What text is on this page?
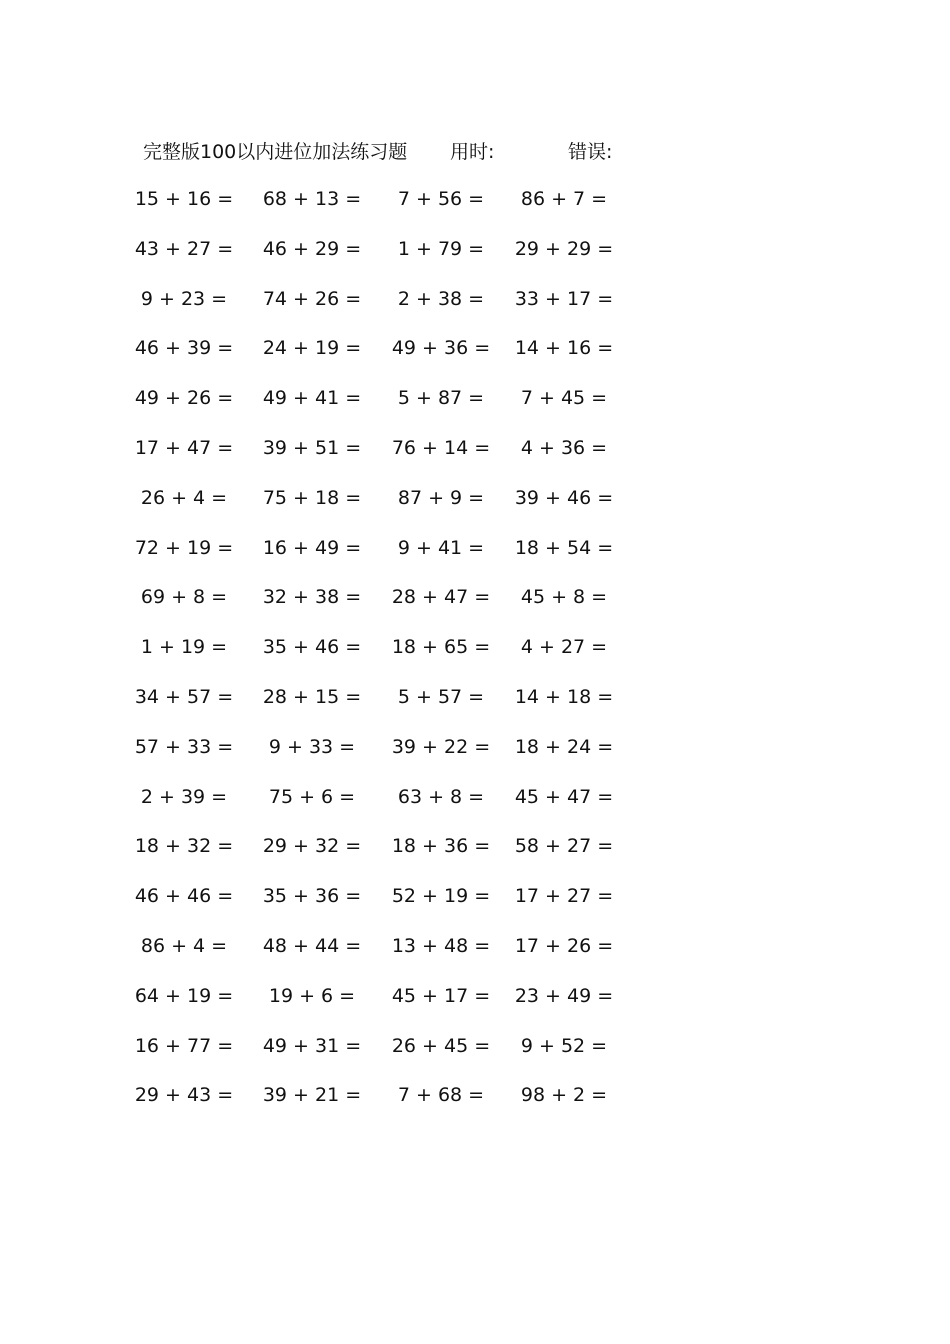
完整版100以内进位加法练习题 用时:	错误:
15 + 16 = 68 + 13 =	7 + 56 =	86 + 7 =
43 + 27 = 46 + 29 =	1 + 79 =	29 + 29 =
9 + 23 =	74 + 26 =	2 + 38 =	33 + 17 =
46 + 39 = 24 + 19 = 49 + 36 = 14 + 16 =
49 + 26 = 49 + 41 =	5 + 87 =	7 + 45 =
17 + 47 = 39 + 51 = 76 + 14 =	4 + 36 =
26 + 4 =	75 + 18 =	87 + 9 =	39 + 46 =
72 + 19 = 16 + 49 =	9 + 41 =	18 + 54 =
69 + 8 =	32 + 38 = 28 + 47 =	45 + 8 =
1 + 19 =	35 + 46 = 18 + 65 =	4 + 27 =
34 + 57 = 28 + 15 =	5 + 57 =	14 + 18 =
57 + 33 =	9 + 33 =	39 + 22 = 18 + 24 =
2 + 39 =	75 + 6 =	63 + 8 =	45 + 47 =
18 + 32 = 29 + 32 = 18 + 36 = 58 + 27 =
46 + 46 = 35 + 36 = 52 + 19 = 17 + 27 =
86 + 4 =	48 + 44 = 13 + 48 = 17 + 26 =
64 + 19 =	19 + 6 =	45 + 17 = 23 + 49 =
16 + 77 = 49 + 31 = 26 + 45 =	9 + 52 =
29 + 43 = 39 + 21 =	7 + 68 =	98 + 2 =
